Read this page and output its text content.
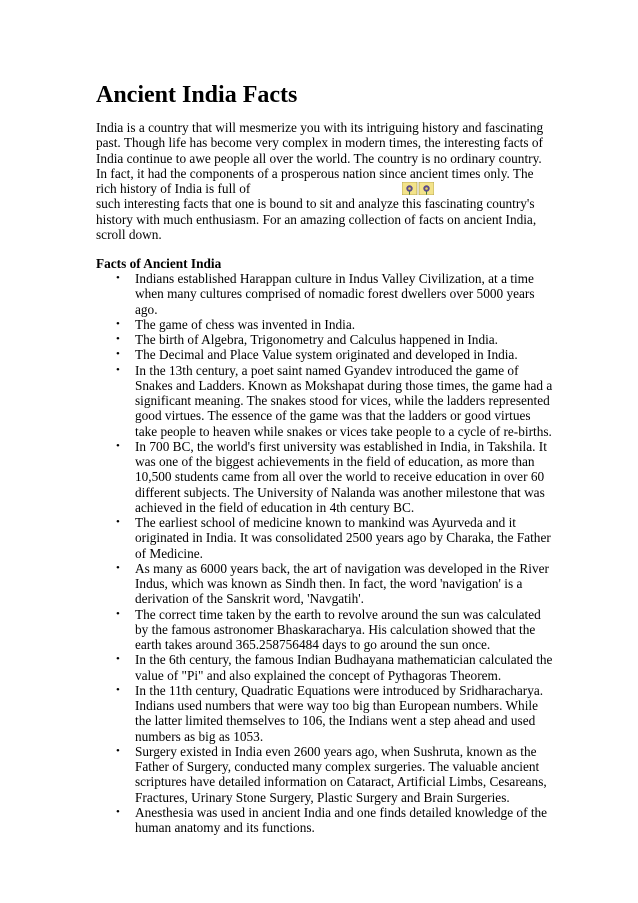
Ancient India Facts
India is a country that will mesmerize you with its intriguing history and fascinating
past. Though life has become very complex in modern times, the interesting facts of
India continue to awe people all over the world. The country is no ordinary country.
In fact, it had the components of a prosperous nation since ancient times only. The
rich history of India is full of
such interesting facts that one is bound to sit and analyze this fascinating country's
history with much enthusiasm. For an amazing collection of facts on ancient India,
scroll down.
Facts of Ancient India
•	Indians established Harappan culture in Indus Valley Civilization, at a time
when many cultures comprised of nomadic forest dwellers over 5000 years
ago.
•	The game of chess was invented in India.
•	The birth of Algebra, Trigonometry and Calculus happened in India.
•	The Decimal and Place Value system originated and developed in India.
•	In the 13th century, a poet saint named Gyandev introduced the game of
Snakes and Ladders. Known as Mokshapat during those times, the game had a
significant meaning. The snakes stood for vices, while the ladders represented
good virtues. The essence of the game was that the ladders or good virtues
take people to heaven while snakes or vices take people to a cycle of re-births.
•	In 700 BC, the world's first university was established in India, in Takshila. It
was one of the biggest achievements in the field of education, as more than
10,500 students came from all over the world to receive education in over 60
different subjects. The University of Nalanda was another milestone that was
achieved in the field of education in 4th century BC.
•	The earliest school of medicine known to mankind was Ayurveda and it
originated in India. It was consolidated 2500 years ago by Charaka, the Father
of Medicine.
•	As many as 6000 years back, the art of navigation was developed in the River
Indus, which was known as Sindh then. In fact, the word 'navigation' is a
derivation of the Sanskrit word, 'Navgatih'.
•	The correct time taken by the earth to revolve around the sun was calculated
by the famous astronomer Bhaskaracharya. His calculation showed that the
earth takes around 365.258756484 days to go around the sun once.
•	In the 6th century, the famous Indian Budhayana mathematician calculated the
value of "Pi" and also explained the concept of Pythagoras Theorem.
•	In the 11th century, Quadratic Equations were introduced by Sridharacharya.
Indians used numbers that were way too big than European numbers. While
the latter limited themselves to 106, the Indians went a step ahead and used
numbers as big as 1053.
•	Surgery existed in India even 2600 years ago, when Sushruta, known as the
Father of Surgery, conducted many complex surgeries. The valuable ancient
scriptures have detailed information on Cataract, Artificial Limbs, Cesareans,
Fractures, Urinary Stone Surgery, Plastic Surgery and Brain Surgeries.
•	Anesthesia was used in ancient India and one finds detailed knowledge of the
human anatomy and its functions.
